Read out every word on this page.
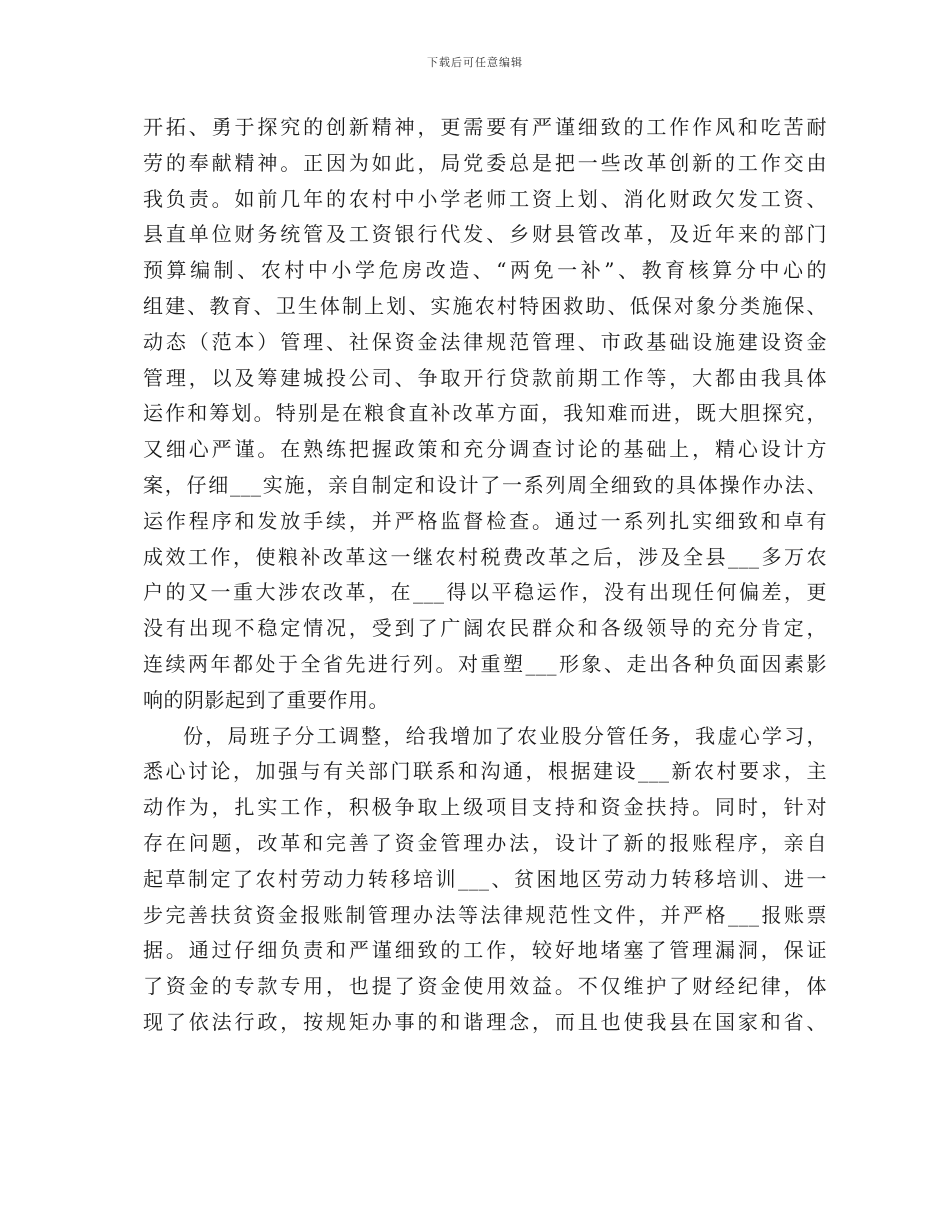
下载后可任意编辑
开拓、勇于探究的创新精神，更需要有严谨细致的工作作风和吃苦耐
劳的奉献精神。正因为如此，局党委总是把一些改革创新的工作交由
我负责。如前几年的农村中小学老师工资上划、消化财政欠发工资、
县直单位财务统管及工资银行代发、乡财县管改革，及近年来的部门
预算编制、农村中小学危房改造、“两免一补”、教育核算分中心的
组建、教育、卫生体制上划、实施农村特困救助、低保对象分类施保、
动态（范本）管理、社保资金法律规范管理、市政基础设施建设资金
管理，以及筹建城投公司、争取开行贷款前期工作等，大都由我具体
运作和筹划。特别是在粮食直补改革方面，我知难而进，既大胆探究，
又细心严谨。在熟练把握政策和充分调查讨论的基础上，精心设计方
案，仔细___实施，亲自制定和设计了一系列周全细致的具体操作办法、
运作程序和发放手续，并严格监督检查。通过一系列扎实细致和卓有
成效工作，使粮补改革这一继农村税费改革之后，涉及全县___多万农
户的又一重大涉农改革，在___得以平稳运作，没有出现任何偏差，更
没有出现不稳定情况，受到了广阔农民群众和各级领导的充分肯定，
连续两年都处于全省先进行列。对重塑___形象、走出各种负面因素影
响的阴影起到了重要作用。
份，局班子分工调整，给我增加了农业股分管任务，我虚心学习，
悉心讨论，加强与有关部门联系和沟通，根据建设___新农村要求，主
动作为，扎实工作，积极争取上级项目支持和资金扶持。同时，针对
存在问题，改革和完善了资金管理办法，设计了新的报账程序，亲自
起草制定了农村劳动力转移培训___、贫困地区劳动力转移培训、进一
步完善扶贫资金报账制管理办法等法律规范性文件，并严格___报账票
据。通过仔细负责和严谨细致的工作，较好地堵塞了管理漏洞，保证
了资金的专款专用，也提了资金使用效益。不仅维护了财经纪律，体
现了依法行政，按规矩办事的和谐理念，而且也使我县在国家和省、
